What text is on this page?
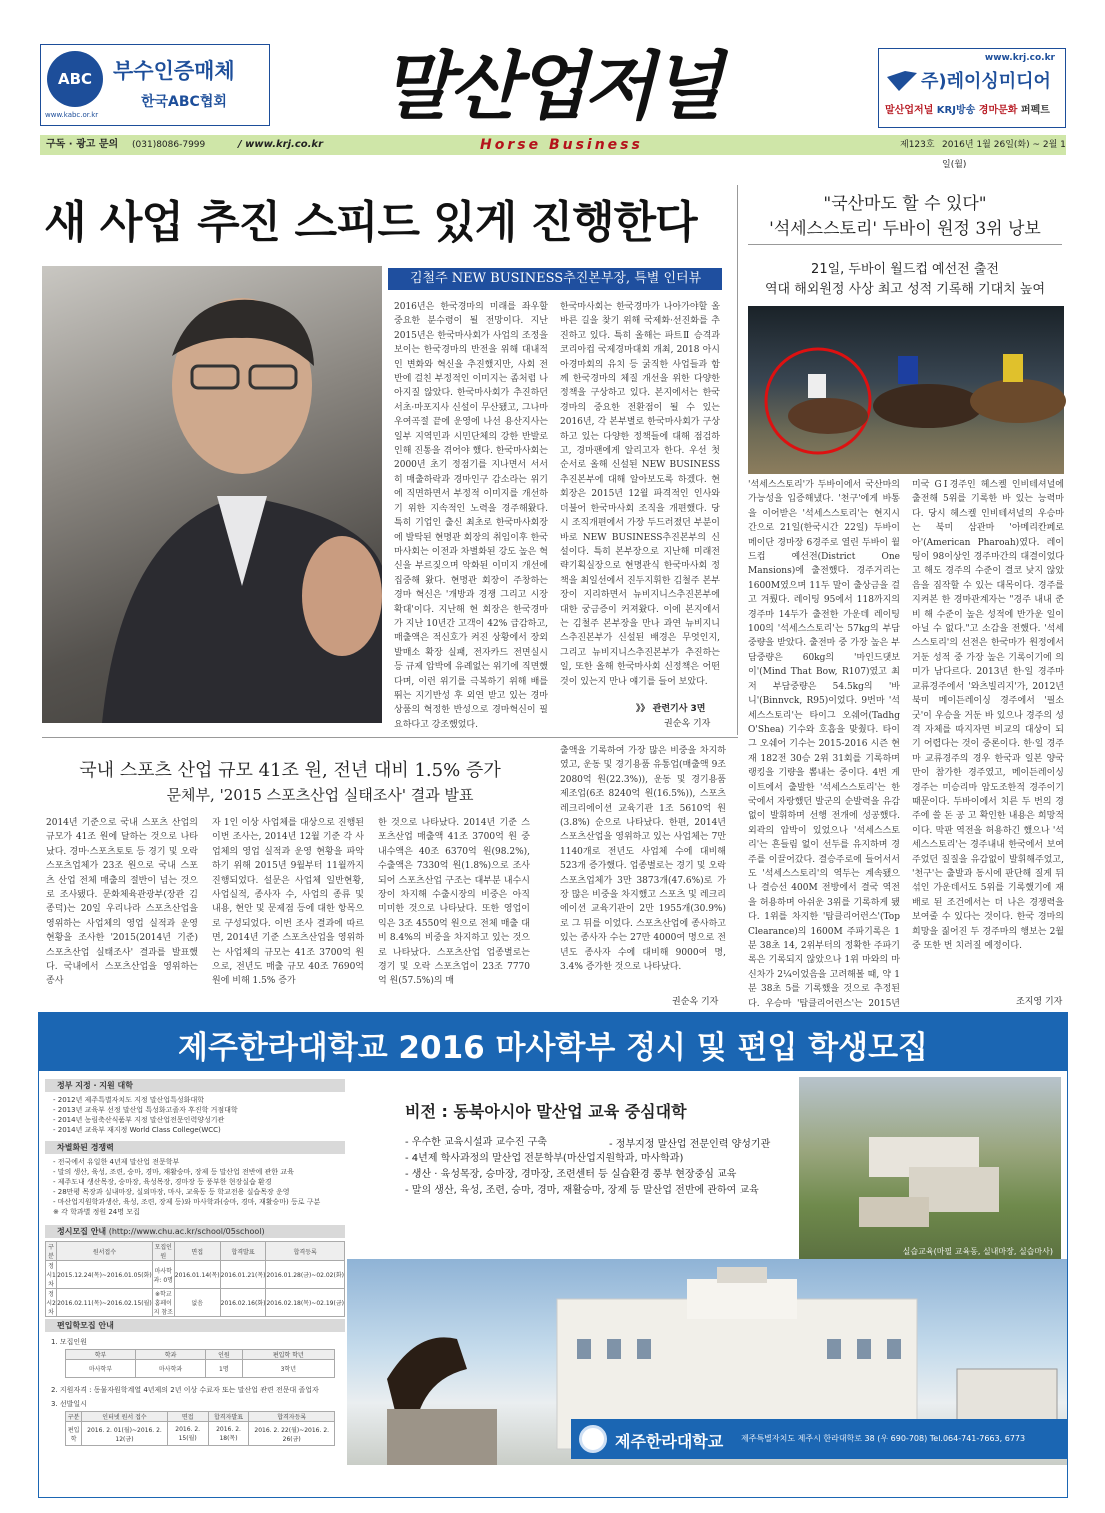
ABC
www.kabc.or.kr
부수인증매체
한국ABC협회	말산업저널	www.krj.co.kr
주)레이싱미디어
말산업저널 KRJ방송 경마문화 퍼펙트
구독 · 광고 문의 (031)8086-7999	/ www.krj.co.kr	Horse Business	제123호 2016년 1월 26일(화) ~ 2월 1일(월)
새 사업 추진 스피드 있게 진행한다
김철주 NEW BUSINESS추진본부장, 특별 인터뷰

2016년은 한국경마의 미래를 좌우할 중요한 분수령이 될 전망이다. 지난 2015년은 한국마사회가 사업의 조정을 보이는 한국경마의 반전을 위해 대내적인 변화와 혁신을 추진했지만, 사회 전반에 걸친 부정적인 이미지는 좀처럼 나아지질 않았다. 한국마사회가 추진하던 서초·마포지사 신설이 무산됐고, 그나마 우여곡절 끝에 운영에 나선 용산지사는 일부 지역민과 시민단체의 강한 반발로 인해 진통을 겪어야 했다. 한국마사회는 2000년 초기 정점기를 지나면서 서서히 매출하락과 경마인구 감소라는 위기에 직면하면서 부정적 이미지를 개선하기 위한 지속적인 노력을 경주해왔다. 특히 기업인 출신 최초로 한국마사회장에 발탁된 현명관 회장의 취임이후 한국마사회는 이전과 차별화된 강도 높은 혁신을 부르짖으며 악화된 이미지 개선에 집중해 왔다. 현명관 회장이 주창하는 경마 혁신은 '개방과 경쟁 그리고 시장 확대'이다. 지난해 현 회장은 한국경마가 지난 10년간 고객이 42% 급감하고, 매출액은 적신호가 켜진 상황에서 장외발매소 확장 실패, 전자카드 전면실시 등 규제 압박에 유례없는 위기에 직면했다며, 이런 위기를 극복하기 위해 배를 뛰는 지기반성 후 외연 받고 있는 경마 상품의 혁정한 반성으로 경마혁신이 필요하다고 강조했었다.

한국마사회는 한국경마가 나아가야할 올바른 길을 찾기 위해 국제화·선진화를 추진하고 있다. 특히 올해는 파트Ⅱ 승격과 코리아컵 국제경마대회 개최, 2018 아시아경마회의 유치 등 굵직한 사업들과 함께 한국경마의 체질 개선을 위한 다양한 정책을 구상하고 있다. 본지에서는 한국경마의 중요한 전환점이 될 수 있는 2016년, 각 본부별로 한국마사회가 구상하고 있는 다양한 정책들에 대해 점검하고, 경마팬에게 알리고자 한다. 우선 첫 순서로 올해 신설된 NEW BUSINESS추진본부에 대해 알아보도록 하겠다. 현 회장은 2015년 12월 파격적인 인사와 더불어 한국마사회 조직을 개편했다. 당시 조직개편에서 가장 두드러졌던 부분이 바로 NEW BUSINESS추진본부의 신설이다. 특히 본부장으로 지난해 미래전략기획실장으로 현명관식 한국마사회 정책을 최일선에서 진두지휘한 김철주 본부장이 지리하면서 뉴비지니스추진본부에 대한 궁금증이 커져왔다. 이에 본지에서는 김철주 본부장을 만나 과연 뉴비지니스추진본부가 신설된 배경은 무엇인지, 그리고 뉴비지니스추진본부가 추진하는 일, 또한 올해 한국마사회 신정책은 어떤 것이 있는지 만나 얘기를 들어 보았다.

》》 관련기사 3면
권순옥 기자
"국산마도 할 수 있다"
'석세스스토리' 두바이 원정 3위 낭보
21일, 두바이 월드컵 예선전 출전
역대 해외원정 사상 최고 성적 기록해 기대치 높여

'석세스스토리'가 두바이에서 국산마의 가능성을 입증해냈다. '천구'에게 바통을 이어받은 '석세스스토리'는 현지시간으로 21일(한국시간 22일) 두바이 메이단 경마장 6경주로 열린 두바이 월드컵 예선전(District One Mansions)에 출전했다. 경주거리는 1600M였으며 11두 말이 출상금을 걸고 겨뤘다. 레이팅 95에서 118까지의 경주마 14두가 출전한 가운데 레이팅 100의 '석세스스토리'는 57kg의 부담중량을 받았다. 출전마 중 가장 높은 부담중량은 60kg의 '마인드댓보이'(Mind That Bow, R107)였고 최저 부담중량은 54.5kg의 '바니'(Binnvck, R95)이었다. 9번마 '석세스스토리'는 타이그 오쉐어(Tadhg O'Shea) 기수와 호흡을 맞췄다. 타이그 오쉐어 기수는 2015-2016 시즌 현재 182전 30승 2위 31회를 기록하며 랭킹을 기량을 뽐내는 중이다. 4번 게이트에서 출발한 '석세스스토리'는 한국에서 자랑했던 발군의 순발력을 유감없이 발휘하며 선행 전개에 성공했다. 외곽의 압박이 있었으나 '석세스스토리'는 흔들림 없이 선두를 유지하며 경주를 이끌어갔다. 결승주로에 들어서서도 '석세스스토리'의 역두는 계속됐으나 결승선 400M 전방에서 결국 역전을 허용하며 아쉬운 3위를 기록하게 됐다. 1위를 차지한 '탑클리어런스'(Top Clearance)의 1600M 주파기록은 1분 38초 14, 2위부터의 정확한 주파기록은 기록되지 않았으나 1위 마와의 마신차가 2¼이었음을 고려해볼 때, 약 1분 38초 5를 기록했을 것으로 추정된다. 우승마 '탑클리어런스'는 2015년

미국 GⅠ경주인 헤스켈 인비테셔널에 출전해 5위를 기록한 바 있는 능력마다. 당시 헤스켈 인비테셔널의 우승마는 북미 삼관마 '아메리칸페로아'(American Pharoah)였다. 레이팅이 98이상인 경주마간의 대결이었다고 해도 경주의 수준이 결코 낮지 않았음을 짐작할 수 있는 대목이다. 경주를 지켜본 한 경마관계자는 "경주 내내 준비 해 수준이 높은 성적에 반가운 일이 아닐 수 없다."고 소감을 전했다. '석세스스토리'의 선전은 한국마가 원정에서 거둔 성적 중 가장 높은 기록이기에 의미가 남다르다. 2013년 한·일 경주마 교류경주에서 '와츠빌리지'가, 2012년 북미 메이든레이싱 경주에서 '필소굿'이 우승을 거둔 바 있으나 경주의 성격 자체를 따지자면 비교의 대상이 되기 어렵다는 것이 중론이다. 한·일 경주마 교류경주의 경우 한국과 일본 양국만이 참가한 경주였고, 메이든레이싱 경주는 미승리마 암도조한적 경주이기 때문이다. 두바이에서 치른 두 번의 경주에 쓸 돈 공 고 확인한 내용은 희망적이다. 막판 역전을 허용하긴 했으나 '석세스스토리'는 경주내내 한국에서 보여주었던 질질을 유감없이 발휘해주었고, '천구'는 출발과 동시에 판단해 질게 뒤섞인 가운데서도 5위를 기록했기에 재배로 된 조건에서는 더 나은 경쟁력을 보여줄 수 있다는 것이다. 한국 경마의 희망을 짊어진 두 경주마의 행보는 2월 중 또한 번 치러질 예정이다.

조지영 기자
국내 스포츠 산업 규모 41조 원, 전년 대비 1.5% 증가
문체부, '2015 스포츠산업 실태조사' 결과 발표

2014년 기준으로 국내 스포츠 산업의 규모가 41조 원에 달하는 것으로 나타났다. 경마·스포츠토토 등 경기 및 오락스포츠업체가 23조 원으로 국내 스포츠 산업 전체 매출의 절반이 넘는 것으로 조사됐다. 문화체육관광부(장관 김종덕)는 20일 우리나라 스포츠산업을 영위하는 사업체의 영업 실적과 운영 현황을 조사한 '2015(2014년 기준) 스포츠산업 실태조사' 결과를 발표했다. 국내에서 스포츠산업을 영위하는 종사

자 1인 이상 사업체를 대상으로 진행된 이번 조사는, 2014년 12월 기준 각 사업체의 영업 실적과 운영 현황을 파악하기 위해 2015년 9월부터 11월까지 진행되었다. 설문은 사업체 일반현황, 사업실적, 종사자 수, 사업의 종류 및 내용, 현안 및 문제점 등에 대한 항목으로 구성되었다. 이번 조사 결과에 따르면, 2014년 기준 스포츠산업을 영위하는 사업체의 규모는 41조 3700억 원으로, 전년도 매출 규모 40조 7690억 원에 비해 1.5% 증가

한 것으로 나타났다. 2014년 기준 스포츠산업 매출액 41조 3700억 원 중 내수액은 40조 6370억 원(98.2%), 수출액은 7330억 원(1.8%)으로 조사되어 스포츠산업 구조는 대부분 내수시장이 차지해 수출시장의 비중은 아직 미미한 것으로 나타났다. 또한 영업이익은 3조 4550억 원으로 전체 매출 대비 8.4%의 비중을 차지하고 있는 것으로 나타났다. 스포츠산업 업종별로는 경기 및 오락 스포츠업이 23조 7770억 원(57.5%)의 매

출액을 기록하여 가장 많은 비중을 차지하였고, 운동 및 경기용품 유통업(매출액 9조 2080억 원(22.3%)), 운동 및 경기용품 제조업(6조 8240억 원(16.5%)), 스포츠 레크리에이션 교육기관 1조 5610억 원(3.8%) 순으로 나타났다. 한편, 2014년 스포츠산업을 영위하고 있는 사업체는 7만 1140개로 전년도 사업체 수에 대비해 523개 증가했다. 업종별로는 경기 및 오락스포츠업체가 3만 3873개(47.6%)로 가장 많은 비중을 차지했고 스포츠 및 레크리에이션 교육기관이 2만 1955개(30.9%)로 그 뒤를 이었다. 스포츠산업에 종사하고 있는 종사자 수는 27만 4000여 명으로 전년도 종사자 수에 대비해 9000여 명, 3.4% 증가한 것으로 나타났다.

권순옥 기자
제주한라대학교 2016 마사학부 정시 및 편입 학생모집
정부 지정 · 지원 대학
- 2012년 제주특별자치도 지정 말산업특성화대학
- 2013년 교육부 선정 말산업 특성화고졸자 후진학 거점대학
- 2014년 농림축산식품부 지정 말산업전문인력양성기관
- 2014년 교육부 재지정 World Class College(WCC)
차별화된 경쟁력
- 전국에서 유일한 4년제 말산업 전문학부
- 말의 생산, 육성, 조련, 승마, 경마, 재활승마, 장제 등 말산업 전반에 관한 교육
- 제주도내 생산목장, 승마장, 육성목장, 경마장 등 풍부한 현장실습 환경
- 28만평 목장과 실내마장, 실외마장, 마사, 교육동 등 학교전용 실습목장 운영
- 마산업지원학과생산, 육성, 조련, 장제 등)와 마사학과(승마, 경마, 재활승마) 등로 구분
※ 각 학과별 정원 24명 모집
정시모집 안내 (http://www.chu.ac.kr/school/05school)
구분	원서접수	모집인원	면접	합격발표	합격등록
정시1차	2015.12.24(목)~2016.01.05(화)	마사학과: 0명	2016.01.14(목)	2016.01.21(목)	2016.01.28(금)~02.02(화)
정시2차	2016.02.11(목)~2016.02.15(월)	※학교 홈페이지 참조	없음	2016.02.16(화)	2016.02.18(목)~02.19(금)
편입학모집 안내
1. 모집인원
학부	학과	인원	편입학 학년
마사학부	마사학과	1명	3학년
2. 지원자격 : 동물자원학계열 4년제의 2년 이상 수료자 또는 말산업 관련 전문대 졸업자
3. 선발일시
구분	인터넷 원서 접수	면접	합격자발표	합격자등록
편입학	2016. 2. 01(월)~2016. 2. 12(금)	2016. 2. 15(월)	2016. 2. 18(목)	2016. 2. 22(월)~2016. 2. 26(금)
비전 : 동북아시아 말산업 교육 중심대학
- 우수한 교육시설과 교수진 구축
- 4년제 학사과정의 말산업 전문학부(마산업지원학과, 마사학과)
- 생산 · 육성목장, 승마장, 경마장, 조련센터 등 실습환경 풍부 현장중심 교육
- 말의 생산, 육성, 조련, 승마, 경마, 재활승마, 장제 등 말산업 전반에 관하여 교육
- 정부지정 말산업 전문인력 양성기관
실습교육(마필 교육동, 실내마장, 실습마사)
제주한라대학교 제주특별자치도 제주시 한라대학로 38 (우 690-708) Tel.064-741-7663, 6773
